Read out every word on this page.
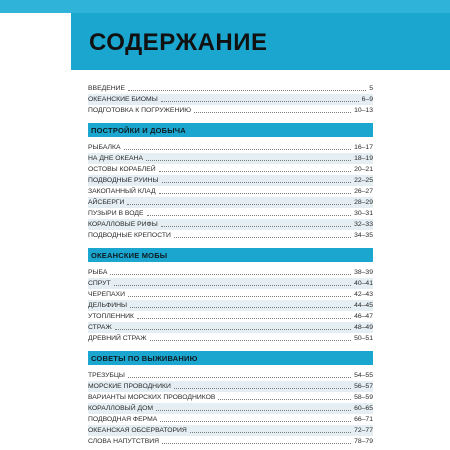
СОДЕРЖАНИЕ
ВВЕДЕНИЕ	5
ОКЕАНСКИЕ БИОМЫ	6–9
ПОДГОТОВКА К ПОГРУЖЕНИЮ	10–13
ПОСТРОЙКИ И ДОБЫЧА
РЫБАЛКА	16–17
НА ДНЕ ОКЕАНА	18–19
ОСТОВЫ КОРАБЛЕЙ	20–21
ПОДВОДНЫЕ РУИНЫ	22–25
ЗАКОПАННЫЙ КЛАД	26–27
АЙСБЕРГИ	28–29
ПУЗЫРИ В ВОДЕ	30–31
КОРАЛЛОВЫЕ РИФЫ	32–33
ПОДВОДНЫЕ КРЕПОСТИ	34–35
ОКЕАНСКИЕ МОБЫ
РЫБА	38–39
СПРУТ	40–41
ЧЕРЕПАХИ	42–43
ДЕЛЬФИНЫ	44–45
УТОПЛЕННИК	46–47
СТРАЖ	48–49
ДРЕВНИЙ СТРАЖ	50–51
СОВЕТЫ ПО ВЫЖИВАНИЮ
ТРЕЗУБЦЫ	54–55
МОРСКИЕ ПРОВОДНИКИ	56–57
ВАРИАНТЫ МОРСКИХ ПРОВОДНИКОВ	58–59
КОРАЛЛОВЫЙ ДОМ	60–65
ПОДВОДНАЯ ФЕРМА	66–71
ОКЕАНСКАЯ ОБСЕРВАТОРИЯ	72–77
СЛОВА НАПУТСТВИЯ	78–79
